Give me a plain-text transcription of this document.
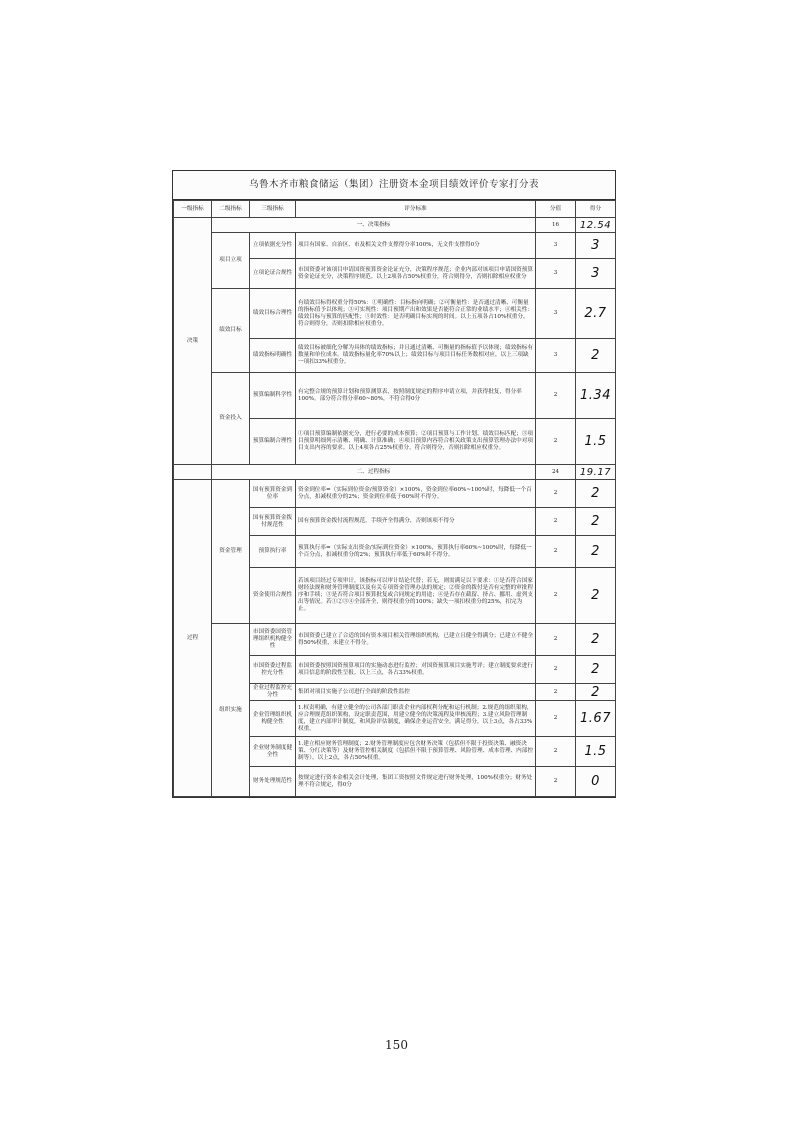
乌鲁木齐市粮食储运（集团）注册资本金项目绩效评价专家打分表
一级指标	二级指标	三级指标	评分标准	分值	得分
决策	一、决策指标			16	12.54
	项目立项	立项依据充分性	项目有国家、自治区、市及相关文件支撑得分率100%，无文件支撑得0分	3	3
		立项论证合规性	市国资委对该项目申请国资预算资金论证充分，决策程序规范；企业内部对该项目申请国资预算资金论证充分，决策程序规范。以上2项各占50%权重分，符合则得分，否则扣除相应权重分	3	3
	绩效目标	绩效目标合理性	有绩效目标得权重分得50%：①明确性：目标指向明确；②可衡量性：是否通过清晰、可衡量的指标值予以体现；③可实现性：项目预期产出和效果是否能符合正常的业绩水平；④相关性：绩效目标与预算的匹配性；⑤时效性：是否明确目标实现的时间。以上五项各占10%权重分，符合则得分，否则扣除相应权重分。	3	2.7
		绩效指标明确性	绩效目标被细化分解为具体的绩效指标；并且通过清晰、可衡量的指标值予以体现；绩效指标有数量和单位成本。绩效指标量化率70%以上；绩效目标与项目目标任务数相对应，以上三项缺一项扣33%权重分。	3	2
	资金投入	预算编制科学性	有完整合规的预算计划和预算测算表，按照制度规定的程序申请立项，并获得批复，得分率100%。部分符合得分率60~80%，不符合得0分	2	1.34
		预算编制合理性	①项目预算编制依据充分，进行必要的成本预算；②项目预算与工作计划、绩效目标匹配；③项目预算明细列示清晰、明确、计算准确；④项目预算内容符合相关政策支出预算管理办法中对项目支出内容的要求。以上4项各占25%权重分，符合则得分，否则扣除相应权重分。	2	1.5
	二、过程指标			24	19.17
过程	资金管理	国有预算资金到位率	资金到位率=（实际到位资金/预算资金）×100%，资金到位率60%~100%时，每降低一个百分点，扣减权重分的2%；资金到位率低于60%时不得分。	2	2
		国有预算资金拨付规范性	国有预算资金拨付流程规范，手续齐全得满分，否则该项不得分	2	2
		预算执行率	预算执行率=（实际支出资金/实际到位资金）×100%，预算执行率60%~100%时，每降低一个百分点，扣减权重分的2%；预算执行率低于60%时不得分。	2	2
		资金使用合规性	若该项目经过专项审计，该指标可以审计结论代替；若无，则需满足以下要求：①是否符合国家财经法规和财务管理制度以及有关专项资金管理办法的规定；②资金的拨付是否有完整的审批程序和手续；③是否符合项目预算批复或合同规定的用途；④是否存在截留、挤占、挪用、虚列支出等情况。若①②③④全部齐全，则得权重分的100%；缺失一项扣权重分的25%，扣完为止。	2	2
	组织实施	市国资委国资管理组织机构健全性	市国资委已建立了合适的国有资本项目相关管理组织机构，已建立且健全得满分；已建立不健全得50%权重，未建立不得分。	2	2
		市国资委过程监控充分性	市国资委按照国资预算项目的实施动态进行监控；对国资预算项目实施考评；建立制度要求进行项目信息的阶段性呈报。以上三点，各占33%权重。	2	2
		企业过程监控充分性	集团对项目实施子公司进行全面的阶段性监控	2	2
		企业管理组织机构健全性	1.权责明确，有建立健全的公司各部门职责企业内部权利分配和运行机制；2.规范的组织架构，应合理规范组织架构，设定职责范围，用建立健全的决策流程及审核流程；3.建立风险管理制度，建立内部审计制度，和风险评估制度，确保企业运营安全。满足得分，以上3点，各占33%权重。	2	1.67
		企业财务制度健全性	1.建立相应财务管理制度；2.财务管理制度应包含财务决策（包括但不限于投资决策、融资决策、分红决策等）及财务管控相关制度（包括但不限于预算管理、风险管理、成本管理、内部控制等）。以上2点，各占50%权重。	2	1.5
		财务处理规范性	按规定进行资本金相关会计处理，集团工资按照文件规定进行财务处理，100%权重分；财务处理不符合规定，得0分	2	0
150
